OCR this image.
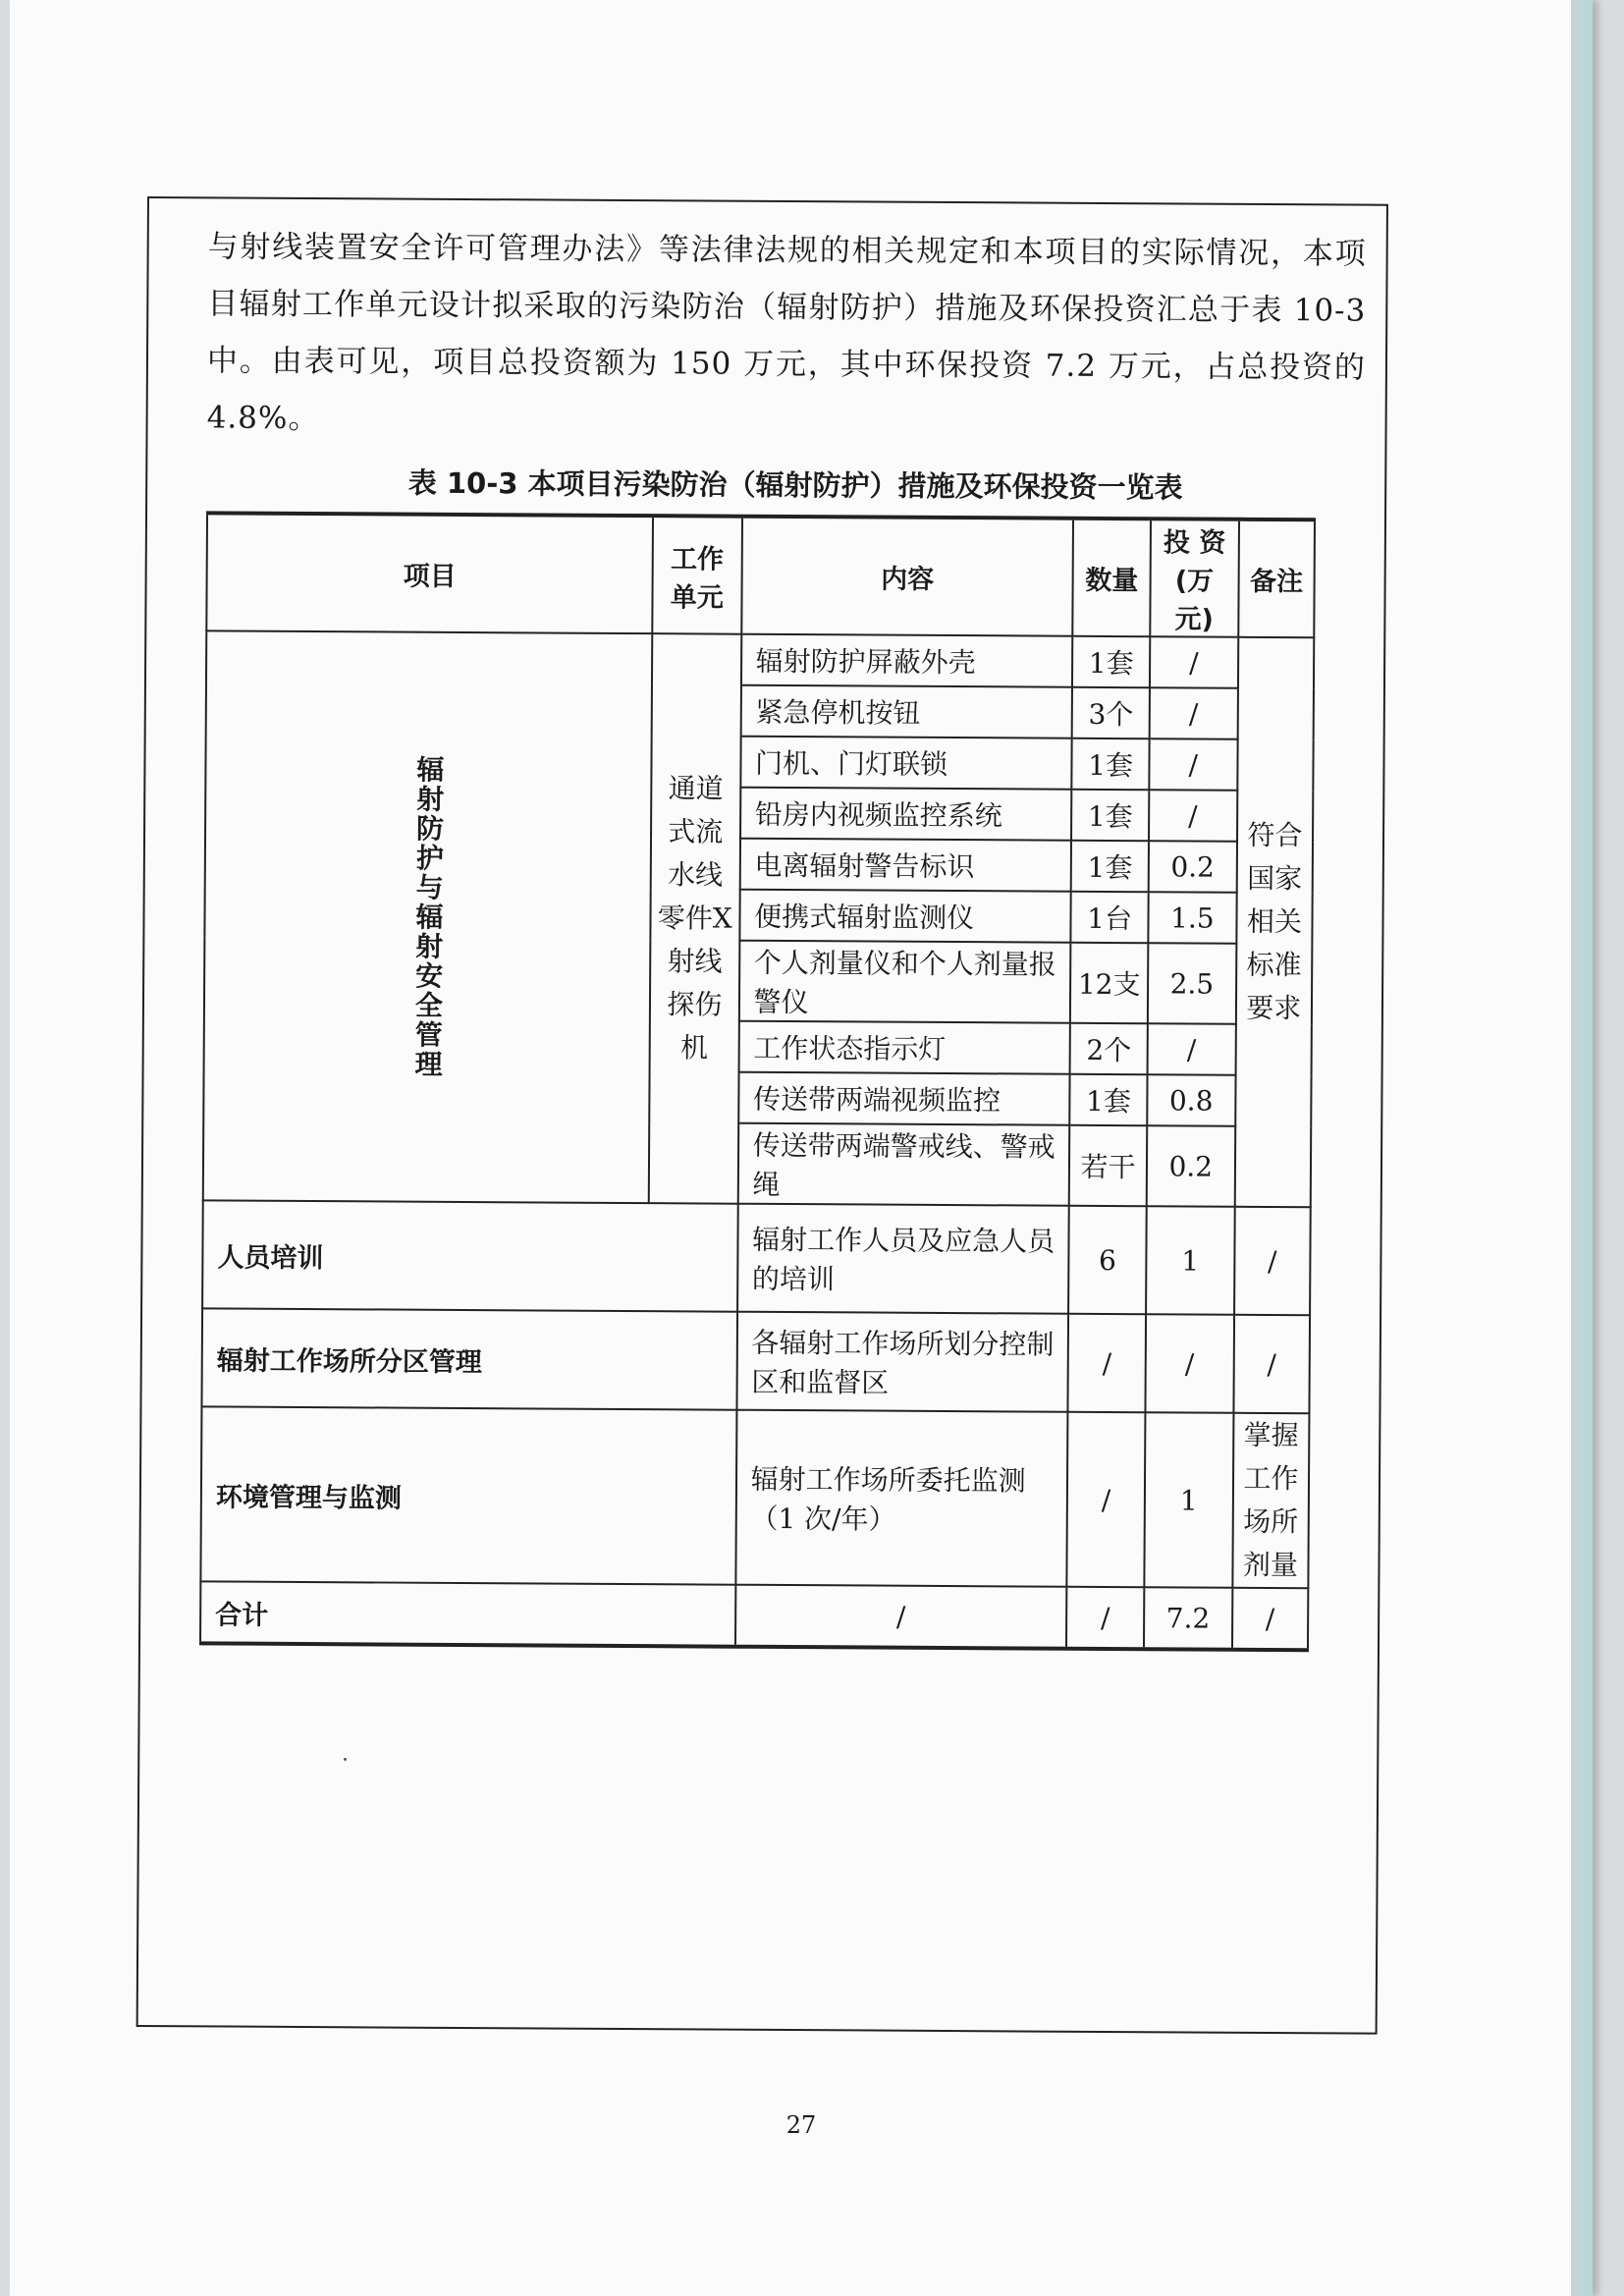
与射线装置安全许可管理办法》等法律法规的相关规定和本项目的实际情况，本项目辐射工作单元设计拟采取的污染防治（辐射防护）措施及环保投资汇总于表 10-3 中。由表可见，项目总投资额为 150 万元，其中环保投资 7.2 万元，占总投资的 4.8%。

表 10-3 本项目污染防治（辐射防护）措施及环保投资一览表
项目	工作单元	内容	数量	投 资 (万元)	备注

辐射防护与辐射安全管理	通道式流水线零件X射线探伤机	辐射防护屏蔽外壳	1套	/	符合国家相关标准要求
		紧急停机按钮	3个	/	
		门机、门灯联锁	1套	/	
		铅房内视频监控系统	1套	/	
		电离辐射警告标识	1套	0.2	
		便携式辐射监测仪	1台	1.5	
		个人剂量仪和个人剂量报警仪	12支	2.5	
		工作状态指示灯	2个	/	
		传送带两端视频监控	1套	0.8	
		传送带两端警戒线、警戒绳	若干	0.2	
人员培训		辐射工作人员及应急人员的培训	6	1	/
辐射工作场所分区管理		各辐射工作场所划分控制区和监督区	/	/	/
环境管理与监测		辐射工作场所委托监测（1 次/年）	/	1	掌握工作场所剂量
合计		/	/	7.2	/
27
